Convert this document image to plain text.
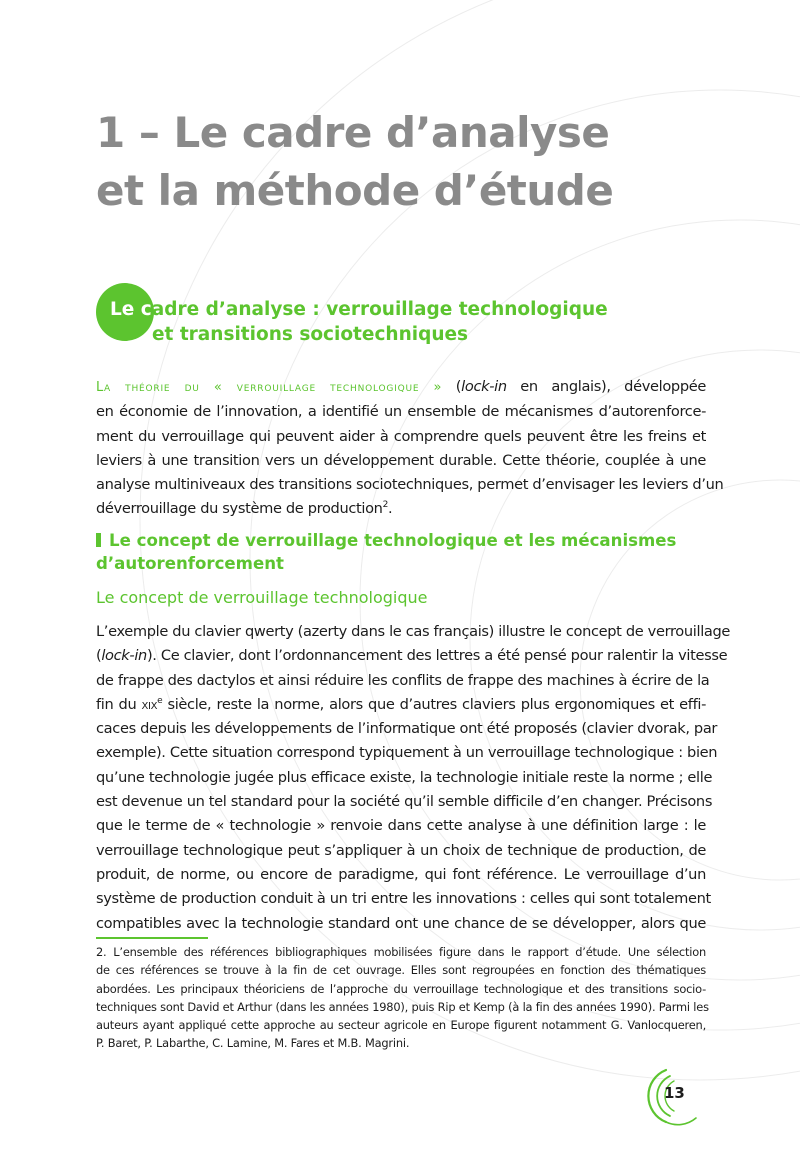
1 – Le cadre d’analyse
et la méthode d’étude
Le cadre d’analyse : verrouillage technologique
et transitions sociotechniques

La théorie du « verrouillage technologique » (lock-in en anglais), développée
en économie de l’innovation, a identifié un ensemble de mécanismes d’autorenforce-
ment du verrouillage qui peuvent aider à comprendre quels peuvent être les freins et
leviers à une transition vers un développement durable. Cette théorie, couplée à une
analyse multiniveaux des transitions sociotechniques, permet d’envisager les leviers d’un
déverrouillage du système de production$^2$.

Le concept de verrouillage technologique et les mécanismes
d’autorenforcement
Le concept de verrouillage technologique

L’exemple du clavier qwerty (azerty dans le cas français) illustre le concept de verrouillage
(lock-in). Ce clavier, dont l’ordonnancement des lettres a été pensé pour ralentir la vitesse
de frappe des dactylos et ainsi réduire les conflits de frappe des machines à écrire de la
fin du xix$^e$ siècle, reste la norme, alors que d’autres claviers plus ergonomiques et effi-
caces depuis les développements de l’informatique ont été proposés (clavier dvorak, par
exemple). Cette situation correspond typiquement à un verrouillage technologique : bien
qu’une technologie jugée plus efficace existe, la technologie initiale reste la norme ; elle
est devenue un tel standard pour la société qu’il semble difficile d’en changer. Précisons
que le terme de « technologie » renvoie dans cette analyse à une définition large : le
verrouillage technologique peut s’appliquer à un choix de technique de production, de
produit, de norme, ou encore de paradigme, qui font référence. Le verrouillage d’un
système de production conduit à un tri entre les innovations : celles qui sont totalement
compatibles avec la technologie standard ont une chance de se développer, alors que

2. L’ensemble des références bibliographiques mobilisées figure dans le rapport d’étude. Une sélection
de ces références se trouve à la fin de cet ouvrage. Elles sont regroupées en fonction des thématiques
abordées. Les principaux théoriciens de l’approche du verrouillage technologique et des transitions socio-
techniques sont David et Arthur (dans les années 1980), puis Rip et Kemp (à la fin des années 1990). Parmi les
auteurs ayant appliqué cette approche au secteur agricole en Europe figurent notamment G. Vanlocqueren,
P. Baret, P. Labarthe, C. Lamine, M. Fares et M.B. Magrini.

13
